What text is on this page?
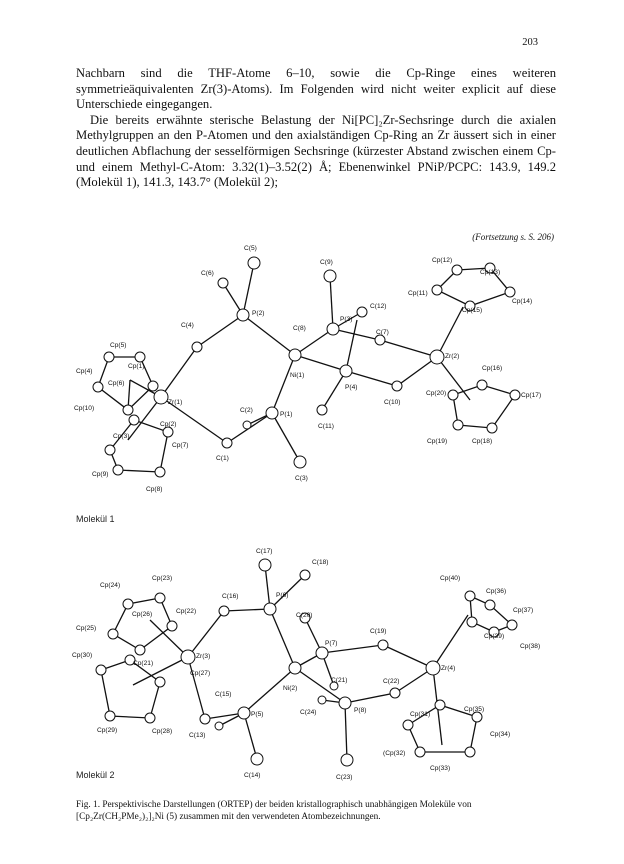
203

Nachbarn sind die THF-Atome 6–10, sowie die Cp-Ringe eines weiteren symmetrieäquivalenten Zr(3)-Atoms). Im Folgenden wird nicht weiter explicit auf diese Unterschiede eingegangen.

Die bereits erwähnte sterische Belastung der Ni[PC]₂Zr-Sechsringe durch die axialen Methylgruppen an den P-Atomen und den axialständigen Cp-Ring an Zr äussert sich in einer deutlichen Abflachung der sesselförmigen Sechsringe (kürzester Abstand zwischen einem Cp- und einem Methyl-C-Atom: 3.32(1)–3.52(2) Å; Ebenenwinkel PNiP/PCPC: 143.9, 149.2 (Molekül 1), 141.3, 143.7° (Molekül 2);

(Fortsetzung s. S. 206)
C(5)
C(6)
C(9)
P(2)
C(4)	C(8)
P(3)
C(12)
C(7)
Ni(1)
P(4)
C(10)
C(2)
P(1)
C(11)
C(1)
C(3)
Zr(1)
Zr(2)
Cp(1)
Cp(2)
Cp(3)
Cp(4)
Cp(5)
Cp(6)
Cp(7)
Cp(8)
Cp(9)
Cp(10)
Cp(11)
Cp(12)
Cp(13)
Cp(14)
Cp(15)
Cp(16)
Cp(17)
Cp(18)
Cp(19)
Cp(20)
Molekül 1
C(17)
C(18)
C(16)	P(6)
C(20)
P(7)
C(19)
Ni(2)
C(21)	C(22)
C(24)	P(8)
C(15)
P(5)
C(13)
C(14)	C(23)
Zr(3)
Zr(4)
Cp(21)
Cp(22)
Cp(23)
Cp(24)
Cp(25)
Cp(26)
Cp(27)
Cp(28)
Cp(29)
Cp(30)
Cp(31)
(Cp(32)
Cp(33)
Cp(34)
Cp(35)
Cp(36)
Cp(37)
Cp(38)
Cp(39)
Cp(40)
Molekül 2
Fig. 1. Perspektivische Darstellungen (ORTEP) der beiden kristallographisch unabhängigen Moleküle von
[Cp₂Zr(CH₂PMe₂)₂]₂Ni (5) zusammen mit den verwendeten Atombezeichnungen.
